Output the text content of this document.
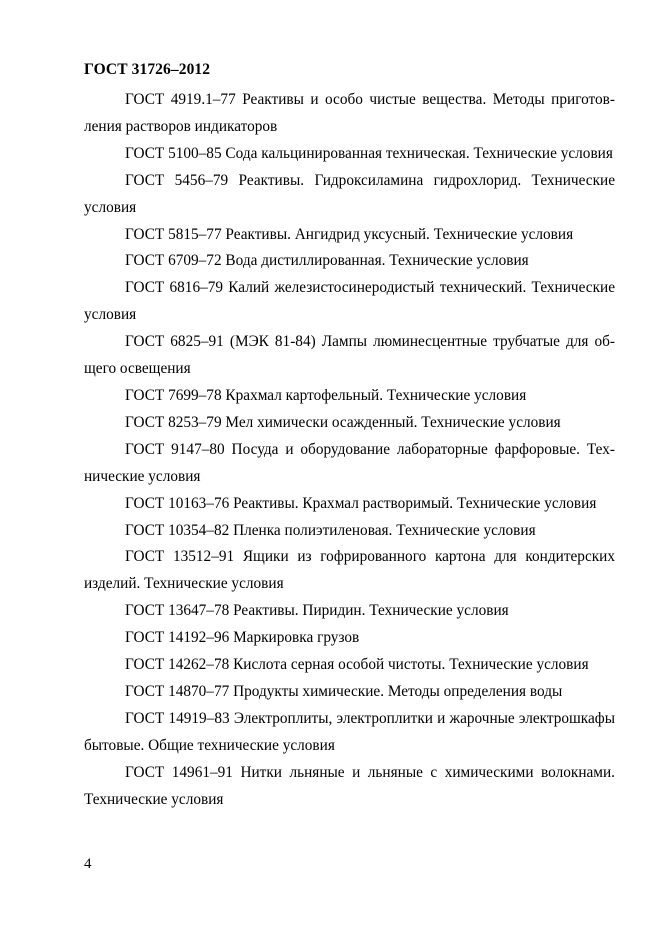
ГОСТ 31726–2012

ГОСТ 4919.1–77 Реактивы и особо чистые вещества. Методы приготовления растворов индикаторов

ГОСТ 5100–85 Сода кальцинированная техническая. Технические условия

ГОСТ 5456–79 Реактивы. Гидроксиламина гидрохлорид. Технические условия

ГОСТ 5815–77 Реактивы. Ангидрид уксусный. Технические условия

ГОСТ 6709–72 Вода дистиллированная. Технические условия

ГОСТ 6816–79 Калий железистосинеродистый технический. Технические условия

ГОСТ 6825–91 (МЭК 81-84) Лампы люминесцентные трубчатые для общего освещения

ГОСТ 7699–78 Крахмал картофельный. Технические условия

ГОСТ 8253–79 Мел химически осажденный. Технические условия

ГОСТ 9147–80 Посуда и оборудование лабораторные фарфоровые. Технические условия

ГОСТ 10163–76 Реактивы. Крахмал растворимый. Технические условия

ГОСТ 10354–82 Пленка полиэтиленовая. Технические условия

ГОСТ 13512–91 Ящики из гофрированного картона для кондитерских изделий. Технические условия

ГОСТ 13647–78 Реактивы. Пиридин. Технические условия

ГОСТ 14192–96 Маркировка грузов

ГОСТ 14262–78 Кислота серная особой чистоты. Технические условия

ГОСТ 14870–77 Продукты химические. Методы определения воды

ГОСТ 14919–83 Электроплиты, электроплитки и жарочные электрошкафы бытовые. Общие технические условия

ГОСТ 14961–91 Нитки льняные и льняные с химическими волокнами. Технические условия

4
